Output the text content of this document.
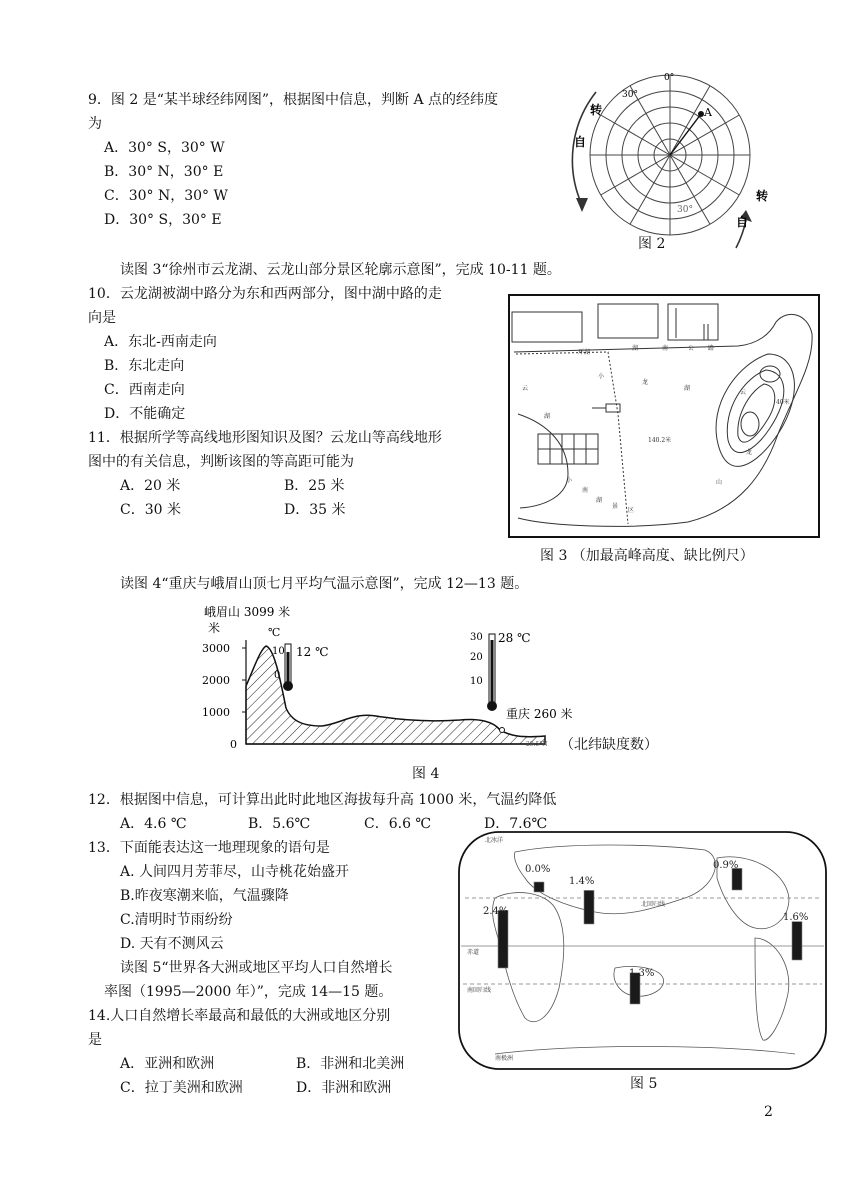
9．图 2 是“某半球经纬网图”，根据图中信息，判断 A 点的经纬度
为
A．30° S，30° W
B．30° N，30° E
C．30° N，30° W
D．30° S，30° E
A
0°
30°
30°
自
转
自
转
图 2
读图 3“徐州市云龙湖、云龙山部分景区轮廓示意图”，完成 10-11 题。
10．云龙湖被湖中路分为东和西两部分，图中湖中路的走
向是
A．东北-西南走向
B．东北走向
C．西南走向
D．不能确定
11．根据所学等高线地形图知识及图？云龙山等高线地形
图中的有关信息，判断该图的等高距可能为
A．20 米	B．25 米
C．30 米	D．35 米
环湖
湖	南	公 路
云
小
龙
湖
湖
140.2米
40米
小
南
湖
景
区
云
龙
山
图 3 （加最高峰高度、缺比例尺）
读图 4“重庆与峨眉山顶七月平均气温示意图”，完成 12—13 题。
3000
2000
1000
0
峨眉山 3099 米
米	℃
10
0
12 ℃
30
20
10
28 ℃
重庆 260 米
29.5°N （北纬缺度数）
图 4
12．根据图中信息，可计算出此时此地区海拔每升高 1000 米，气温约降低
A．4.6 ℃	B．5.6℃	C．6.6 ℃	D．7.6℃
13．下面能表达这一地理现象的语句是
A. 人间四月芳菲尽，山寺桃花始盛开
B.昨夜寒潮来临，气温骤降
C.清明时节雨纷纷
D. 天有不测风云
读图 5“世界各大洲或地区平均人口自然增长
率图（1995—2000 年）”，完成 14—15 题。
14.人口自然增长率最高和最低的大洲或地区分别
是
A．亚洲和欧洲	B．非洲和北美洲
C．拉丁美洲和欧洲	D．非洲和欧洲
北冰洋
北回归线
赤道
南回归线
南极洲
0.0%
1.4%
0.9%
2.4%
1.6%
1.3%
图 5
2
